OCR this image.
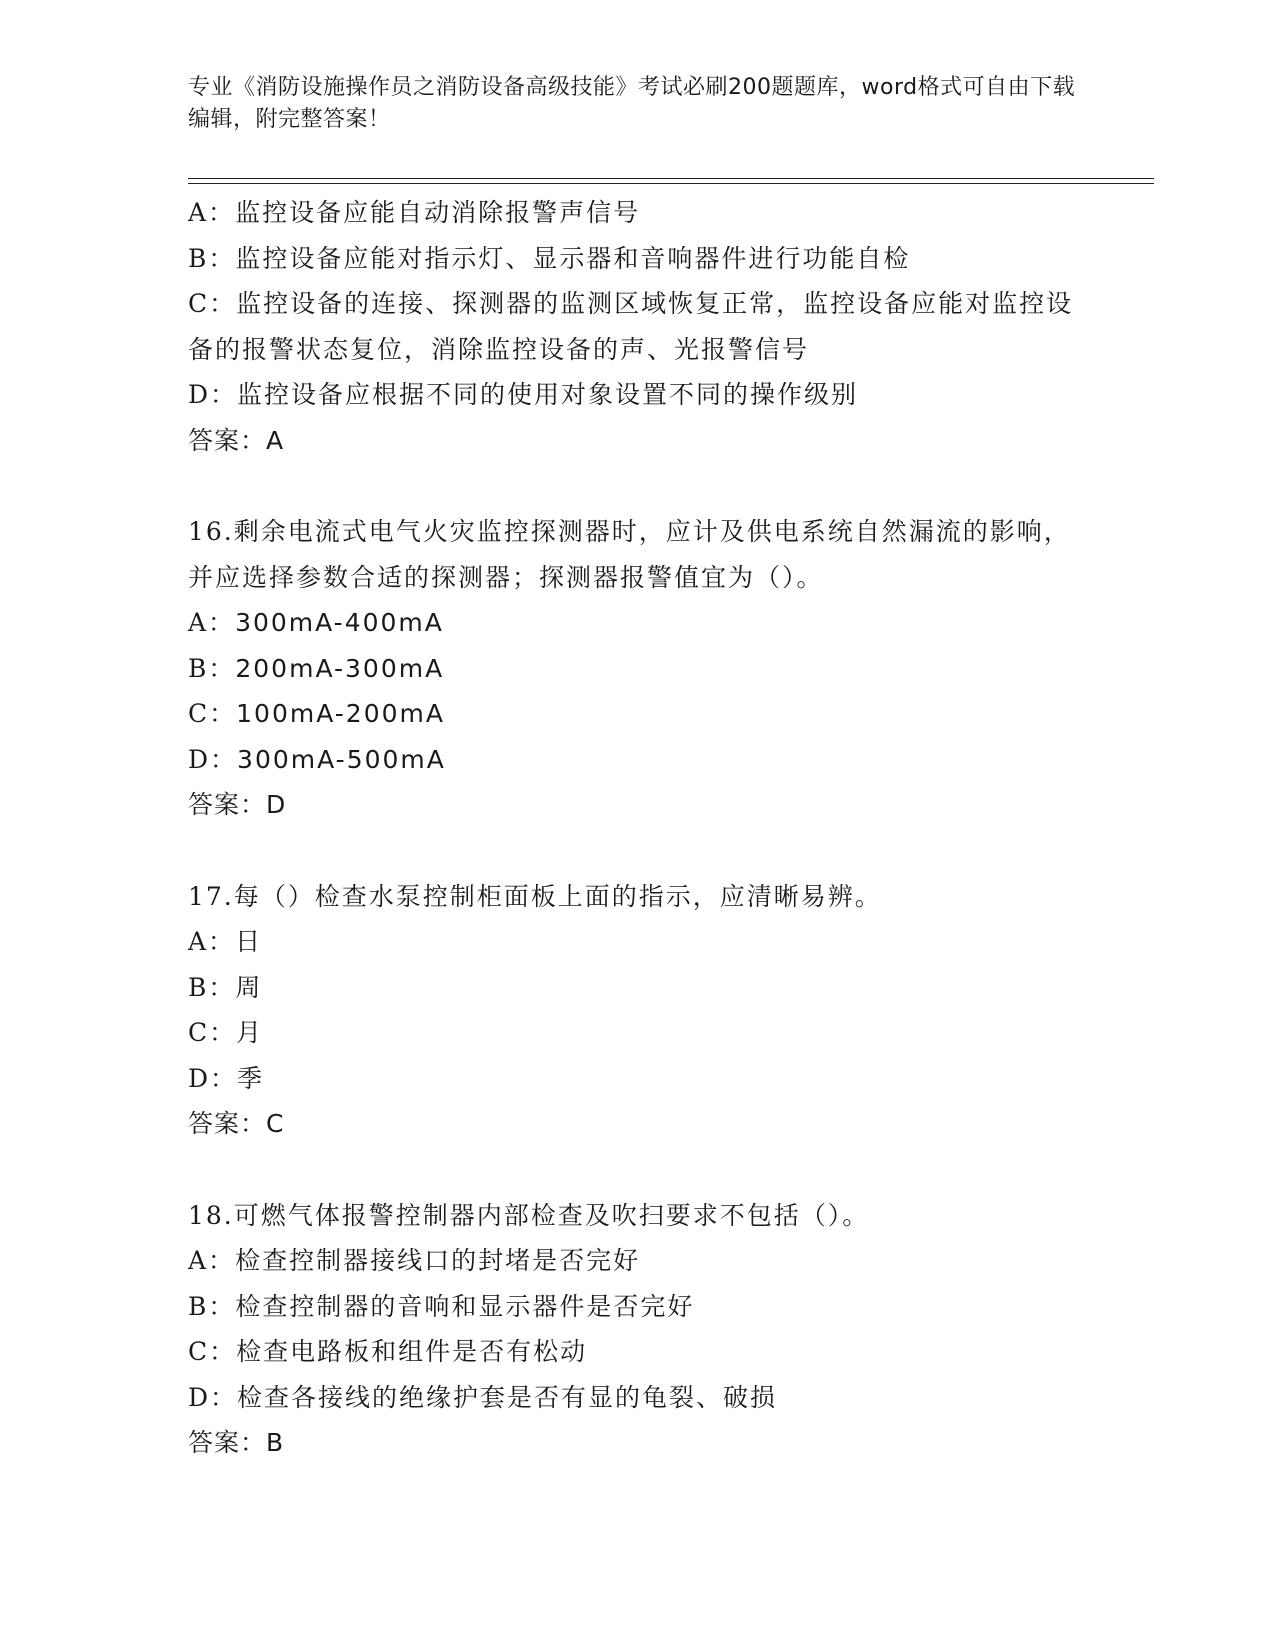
专业《消防设施操作员之消防设备高级技能》考试必刷200题题库，word格式可自由下载编辑，附完整答案！
A：监控设备应能自动消除报警声信号
B：监控设备应能对指示灯、显示器和音响器件进行功能自检
C：监控设备的连接、探测器的监测区域恢复正常，监控设备应能对监控设备的报警状态复位，消除监控设备的声、光报警信号
D：监控设备应根据不同的使用对象设置不同的操作级别
答案：A
16.剩余电流式电气火灾监控探测器时，应计及供电系统自然漏流的影响，并应选择参数合适的探测器；探测器报警值宜为（）。
A：300mA-400mA
B：200mA-300mA
C：100mA-200mA
D：300mA-500mA
答案：D
17.每（）检查水泵控制柜面板上面的指示，应清晰易辨。
A：日
B：周
C：月
D：季
答案：C
18.可燃气体报警控制器内部检查及吹扫要求不包括（）。
A：检查控制器接线口的封堵是否完好
B：检查控制器的音响和显示器件是否完好
C：检查电路板和组件是否有松动
D：检查各接线的绝缘护套是否有显的龟裂、破损
答案：B
